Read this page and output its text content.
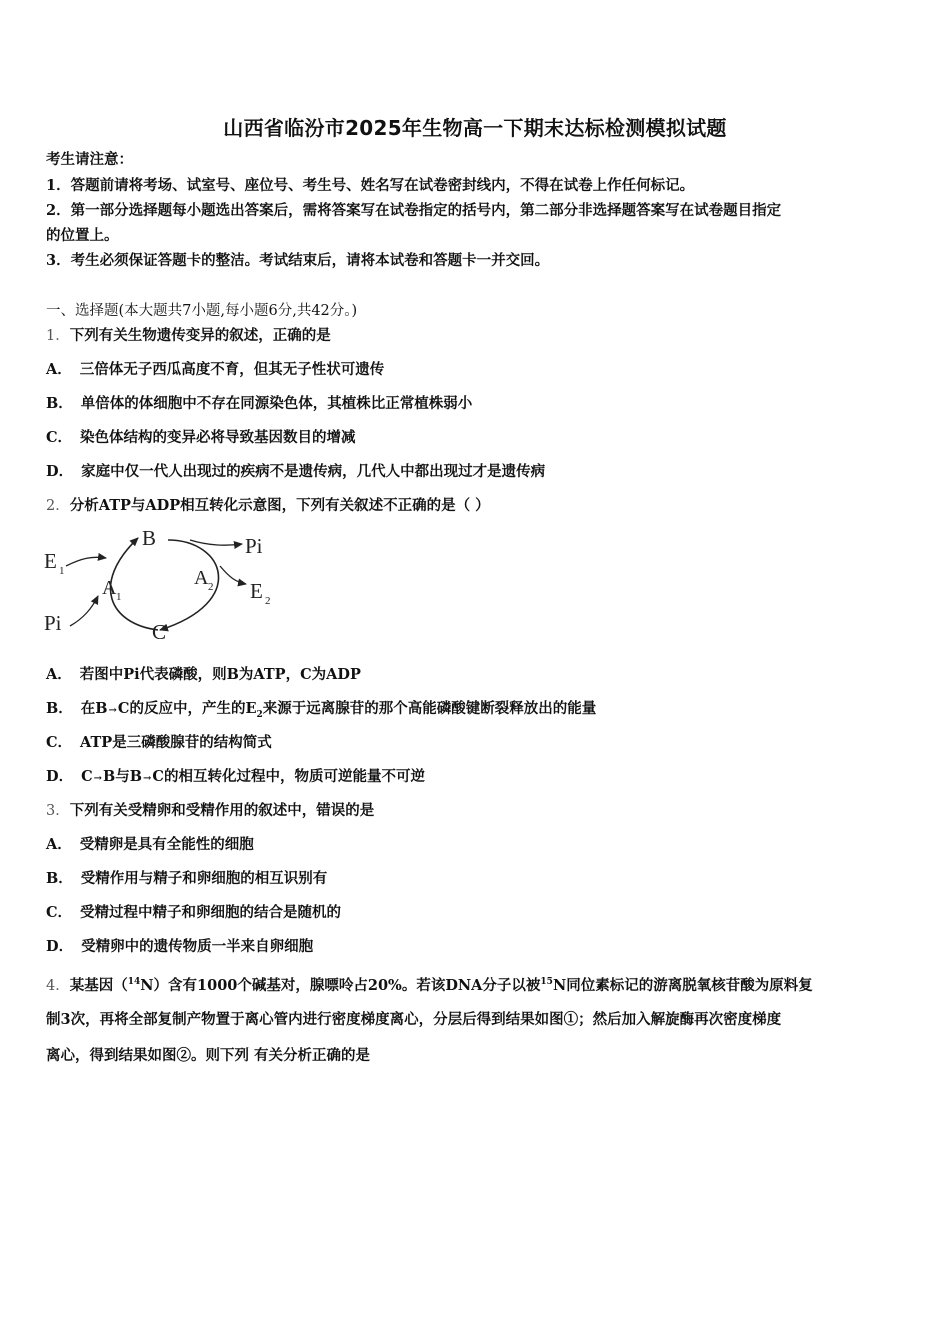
山西省临汾市2025年生物高一下期末达标检测模拟试题
考生请注意：
1．答题前请将考场、试室号、座位号、考生号、姓名写在试卷密封线内，不得在试卷上作任何标记。
2．第一部分选择题每小题选出答案后，需将答案写在试卷指定的括号内，第二部分非选择题答案写在试卷题目指定
的位置上。
3．考生必须保证答题卡的整洁。考试结束后，请将本试卷和答题卡一并交回。
一、选择题(本大题共7小题,每小题6分,共42分。)
1．下列有关生物遗传变异的叙述，正确的是
A． 三倍体无子西瓜高度不育，但其无子性状可遗传
B． 单倍体的体细胞中不存在同源染色体，其植株比正常植株弱小
C． 染色体结构的变异必将导致基因数目的增减
D． 家庭中仅一代人出现过的疾病不是遗传病，几代人中都出现过才是遗传病
2．分析ATP与ADP相互转化示意图，下列有关叙述不正确的是（ ）
B
C
Pi
Pi
E 1
E 2
A 1
A 2
A． 若图中Pi代表磷酸，则B为ATP，C为ADP
B． 在B→C的反应中，产生的$E_2$来源于远离腺苷的那个高能磷酸键断裂释放出的能量
C． ATP是三磷酸腺苷的结构简式
D． C→B与B→C的相互转化过程中，物质可逆能量不可逆
3．下列有关受精卵和受精作用的叙述中，错误的是
A． 受精卵是具有全能性的细胞
B． 受精作用与精子和卵细胞的相互识别有
C． 受精过程中精子和卵细胞的结合是随机的
D． 受精卵中的遗传物质一半来自卵细胞
4．某基因（$^{14}$N）含有1000个碱基对，腺嘌呤占20%。若该DNA分子以被$^{15}$N同位素标记的游离脱氧核苷酸为原料复
制3次，再将全部复制产物置于离心管内进行密度梯度离心，分层后得到结果如图①；然后加入解旋酶再次密度梯度
离心，得到结果如图②。则下列 有关分析正确的是
